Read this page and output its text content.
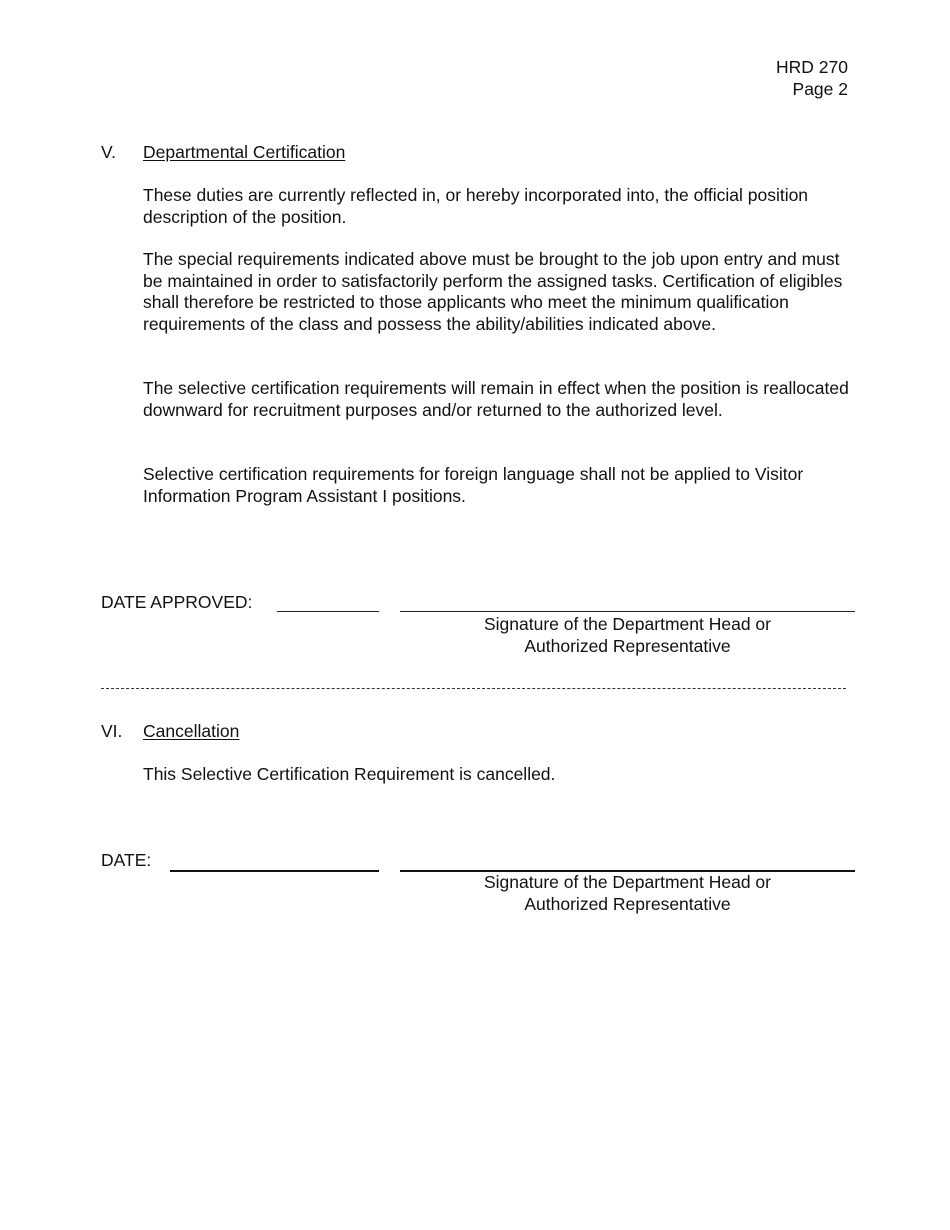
HRD 270
Page 2
V. Departmental Certification

These duties are currently reflected in, or hereby incorporated into, the official position description of the position.

The special requirements indicated above must be brought to the job upon entry and must be maintained in order to satisfactorily perform the assigned tasks. Certification of eligibles shall therefore be restricted to those applicants who meet the minimum qualification requirements of the class and possess the ability/abilities indicated above.

The selective certification requirements will remain in effect when the position is reallocated downward for recruitment purposes and/or returned to the authorized level.

Selective certification requirements for foreign language shall not be applied to Visitor Information Program Assistant I positions.

DATE APPROVED:
Signature of the Department Head or
Authorized Representative
VI. Cancellation

This Selective Certification Requirement is cancelled.

DATE:
Signature of the Department Head or
Authorized Representative
